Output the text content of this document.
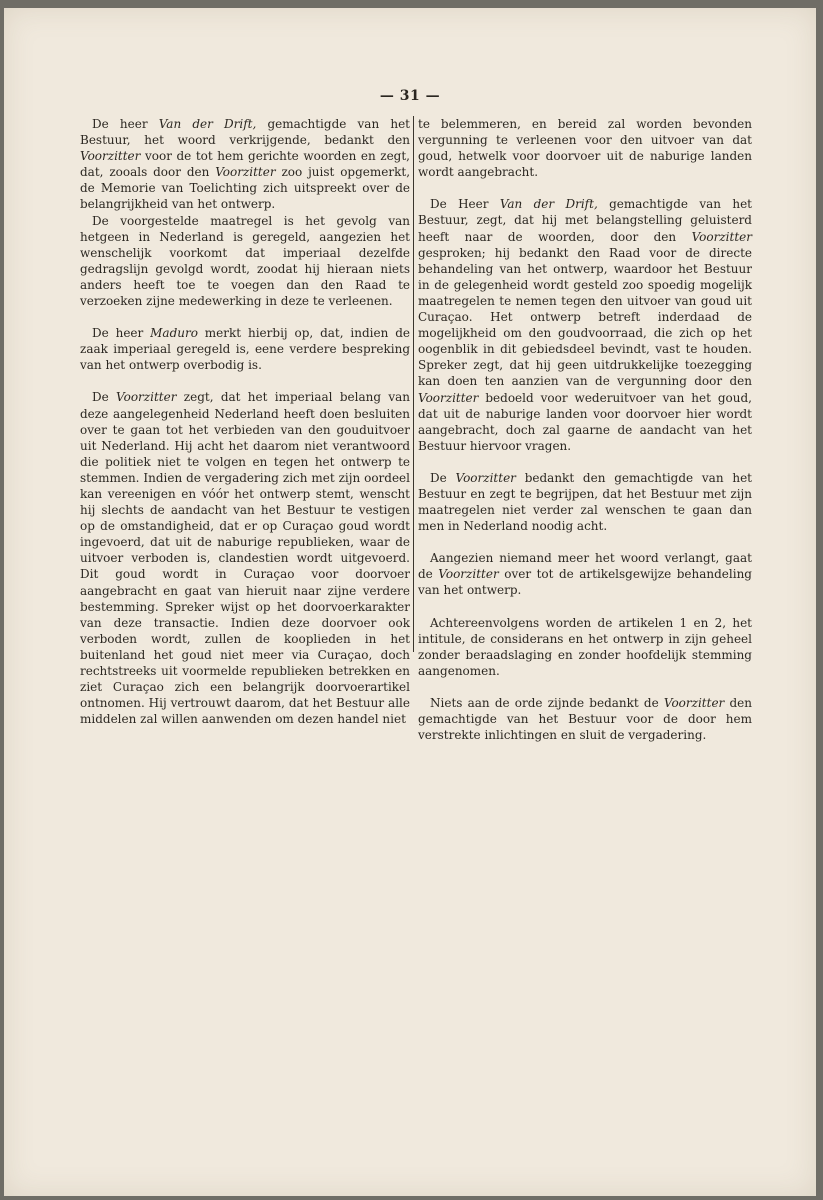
— 31 —

De heer Van der Drift, gemachtigde van het Bestuur, het woord verkrijgende, bedankt den Voorzitter voor de tot hem gerichte woorden en zegt, dat, zooals door den Voorzitter zoo juist opgemerkt, de Memorie van Toelichting zich uitspreekt over de belangrijkheid van het ontwerp.

De voorgestelde maatregel is het gevolg van hetgeen in Nederland is geregeld, aangezien het wenschelijk voorkomt dat imperiaal dezelfde gedragslijn gevolgd wordt, zoodat hij hieraan niets anders heeft toe te voegen dan den Raad te verzoeken zijne medewerking in deze te verleenen.

De heer Maduro merkt hierbij op, dat, indien de zaak imperiaal geregeld is, eene verdere bespreking van het ontwerp overbodig is.

De Voorzitter zegt, dat het imperiaal belang van deze aangelegenheid Nederland heeft doen besluiten over te gaan tot het verbieden van den gouduitvoer uit Nederland. Hij acht het daarom niet verantwoord die politiek niet te volgen en tegen het ontwerp te stemmen. Indien de vergadering zich met zijn oordeel kan vereenigen en vóór het ontwerp stemt, wenscht hij slechts de aandacht van het Bestuur te vestigen op de omstandigheid, dat er op Curaçao goud wordt ingevoerd, dat uit de naburige republieken, waar de uitvoer verboden is, clandestien wordt uitgevoerd. Dit goud wordt in Curaçao voor doorvoer aangebracht en gaat van hieruit naar zijne verdere bestemming. Spreker wijst op het doorvoerkarakter van deze transactie. Indien deze doorvoer ook verboden wordt, zullen de kooplieden in het buitenland het goud niet meer via Curaçao, doch rechtstreeks uit voormelde republieken betrekken en ziet Curaçao zich een belangrijk doorvoerartikel ontnomen. Hij vertrouwt daarom, dat het Bestuur alle middelen zal willen aanwenden om dezen handel niet

te belemmeren, en bereid zal worden bevonden vergunning te verleenen voor den uitvoer van dat goud, hetwelk voor doorvoer uit de naburige landen wordt aangebracht.

De Heer Van der Drift, gemachtigde van het Bestuur, zegt, dat hij met belangstelling geluisterd heeft naar de woorden, door den Voorzitter gesproken; hij bedankt den Raad voor de directe behandeling van het ontwerp, waardoor het Bestuur in de gelegenheid wordt gesteld zoo spoedig mogelijk maatregelen te nemen tegen den uitvoer van goud uit Curaçao. Het ontwerp betreft inderdaad de mogelijkheid om den goudvoorraad, die zich op het oogenblik in dit gebiedsdeel bevindt, vast te houden. Spreker zegt, dat hij geen uitdrukkelijke toezegging kan doen ten aanzien van de vergunning door den Voorzitter bedoeld voor wederuitvoer van het goud, dat uit de naburige landen voor doorvoer hier wordt aangebracht, doch zal gaarne de aandacht van het Bestuur hiervoor vragen.

De Voorzitter bedankt den gemachtigde van het Bestuur en zegt te begrijpen, dat het Bestuur met zijn maatregelen niet verder zal wenschen te gaan dan men in Nederland noodig acht.

Aangezien niemand meer het woord verlangt, gaat de Voorzitter over tot de artikelsgewijze behandeling van het ontwerp.

Achtereenvolgens worden de artikelen 1 en 2, het intitule, de considerans en het ontwerp in zijn geheel zonder beraadslaging en zonder hoofdelijk stemming aangenomen.

Niets aan de orde zijnde bedankt de Voorzitter den gemachtigde van het Bestuur voor de door hem verstrekte inlichtingen en sluit de vergadering.
